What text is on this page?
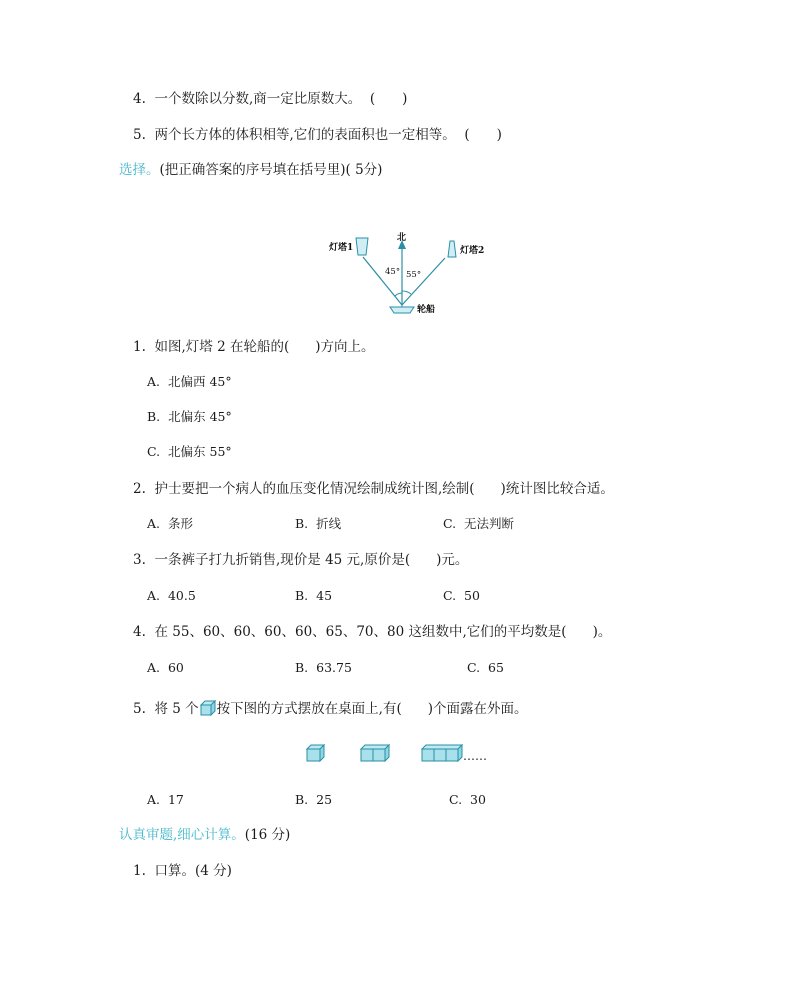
4. 一个数除以分数,商一定比原数大。 (　　)
5. 两个长方体的体积相等,它们的表面积也一定相等。 (　　)
选择。(把正确答案的序号填在括号里)( 5分)
北
灯塔1	灯塔2
45° 55°
轮船
1. 如图,灯塔 2 在轮船的( )方向上。
A. 北偏西 45°
B. 北偏东 45°
C. 北偏东 55°
2. 护士要把一个病人的血压变化情况绘制成统计图,绘制( )统计图比较合适。
A. 条形	B. 折线	C. 无法判断
3. 一条裤子打九折销售,现价是 45 元,原价是( )元。
A. 40.5	B. 45	C. 50
4. 在 55、60、60、60、60、65、70、80 这组数中,它们的平均数是( )。
A. 60	B. 63.75	C. 65
5. 将 5 个 按下图的方式摆放在桌面上,有( )个面露在外面。
……
A. 17	B. 25	C. 30
认真审题,细心计算。(16 分)
1. 口算。(4 分)
